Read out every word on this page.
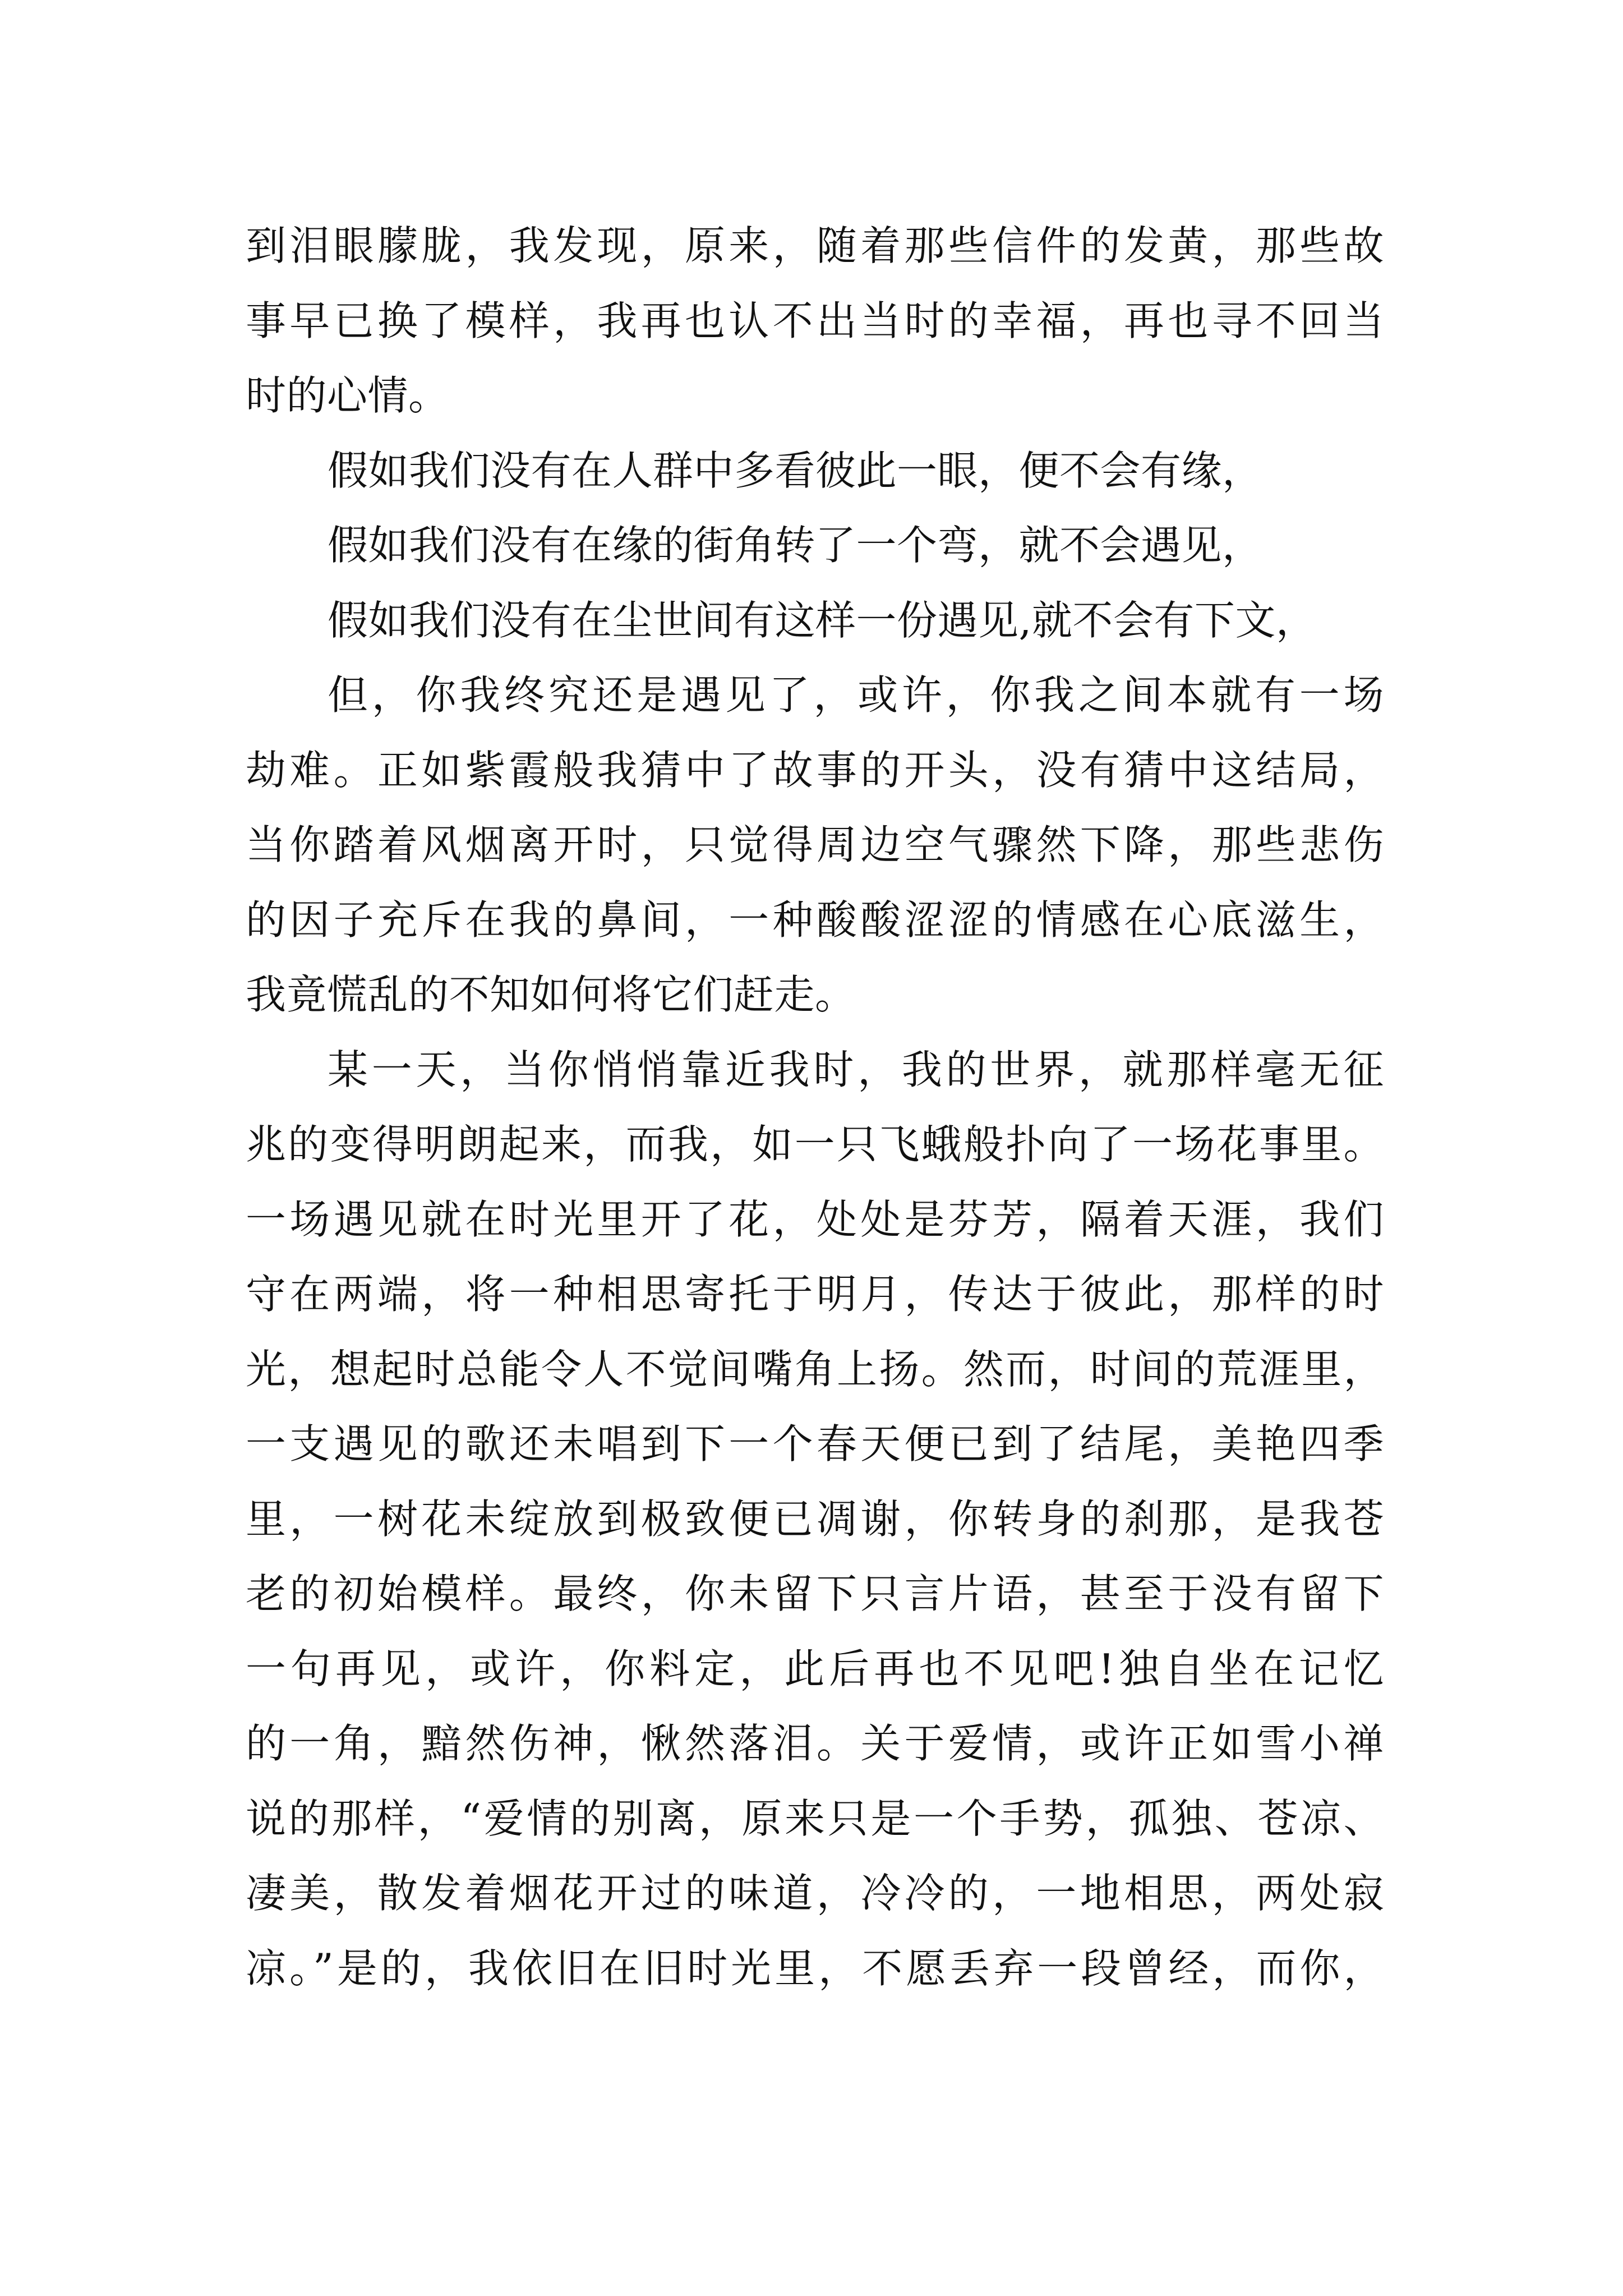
到泪眼朦胧，我发现，原来，随着那些信件的发黄，那些故
事早已换了模样，我再也认不出当时的幸福，再也寻不回当
时的心情。
假如我们没有在人群中多看彼此一眼，便不会有缘，
假如我们没有在缘的街角转了一个弯，就不会遇见，
假如我们没有在尘世间有这样一份遇见,就不会有下文，
但，你我终究还是遇见了，或许，你我之间本就有一场
劫难。正如紫霞般我猜中了故事的开头，没有猜中这结局，
当你踏着风烟离开时，只觉得周边空气骤然下降，那些悲伤
的因子充斥在我的鼻间，一种酸酸涩涩的情感在心底滋生，
我竟慌乱的不知如何将它们赶走。
某一天，当你悄悄靠近我时，我的世界，就那样毫无征
兆的变得明朗起来，而我，如一只飞蛾般扑向了一场花事里。
一场遇见就在时光里开了花，处处是芬芳，隔着天涯，我们
守在两端，将一种相思寄托于明月，传达于彼此，那样的时
光，想起时总能令人不觉间嘴角上扬。然而，时间的荒涯里，
一支遇见的歌还未唱到下一个春天便已到了结尾，美艳四季
里，一树花未绽放到极致便已凋谢，你转身的刹那，是我苍
老的初始模样。最终，你未留下只言片语，甚至于没有留下
一句再见，或许，你料定，此后再也不见吧!独自坐在记忆
的一角，黯然伤神，愀然落泪。关于爱情，或许正如雪小禅
说的那样，“爱情的别离，原来只是一个手势，孤独、苍凉、
凄美，散发着烟花开过的味道，冷冷的，一地相思，两处寂
凉。”是的，我依旧在旧时光里，不愿丢弃一段曾经，而你，
